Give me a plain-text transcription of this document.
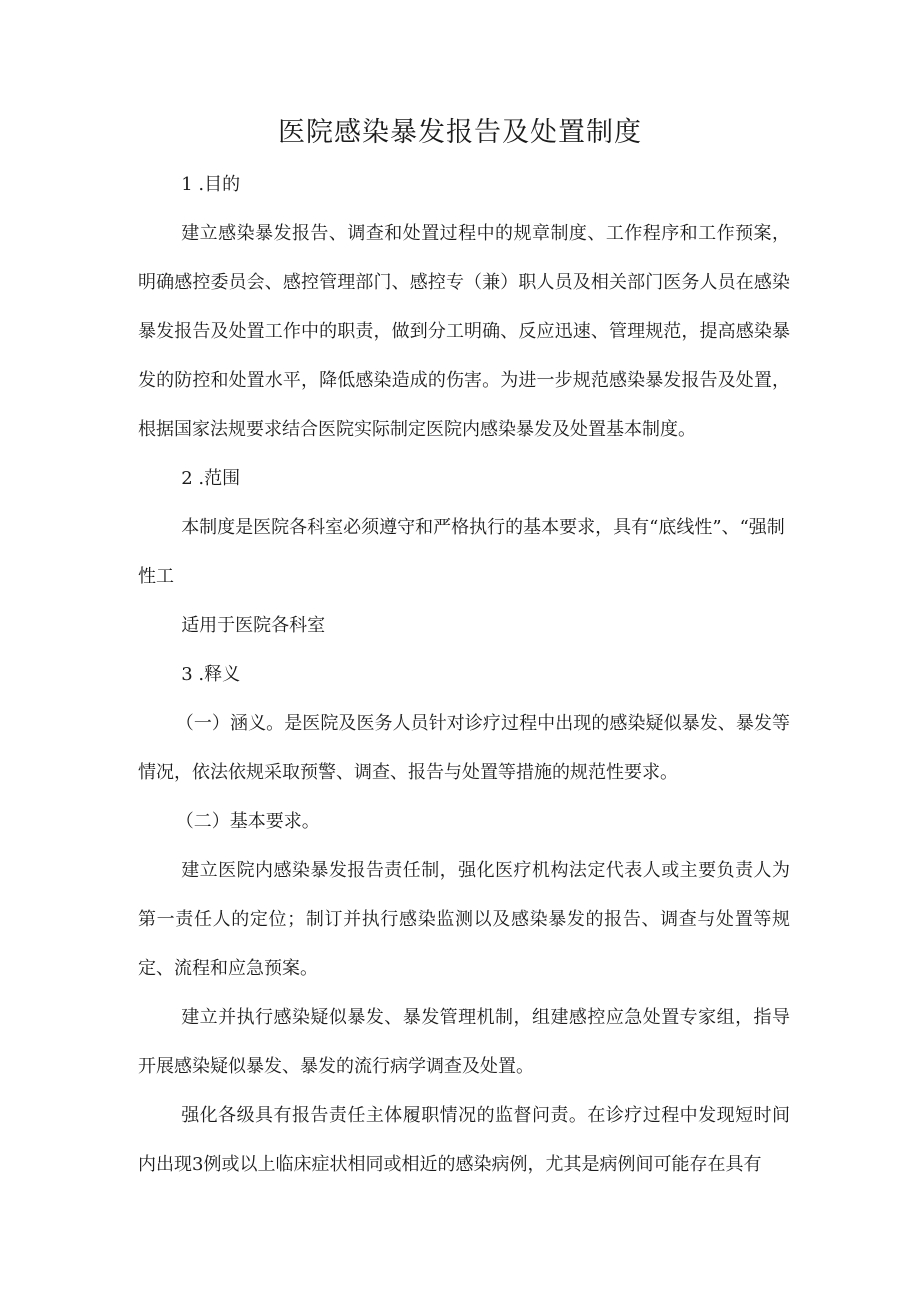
医院感染暴发报告及处置制度

1 .目的

建立感染暴发报告、调查和处置过程中的规章制度、工作程序和工作预案，明确感控委员会、感控管理部门、感控专（兼）职人员及相关部门医务人员在感染暴发报告及处置工作中的职责，做到分工明确、反应迅速、管理规范，提高感染暴发的防控和处置水平，降低感染造成的伤害。为进一步规范感染暴发报告及处置，根据国家法规要求结合医院实际制定医院内感染暴发及处置基本制度。

2 .范围

本制度是医院各科室必须遵守和严格执行的基本要求，具有“底线性”、“强制性工

适用于医院各科室

3 .释义

（一）涵义。是医院及医务人员针对诊疗过程中出现的感染疑似暴发、暴发等情况，依法依规采取预警、调查、报告与处置等措施的规范性要求。

（二）基本要求。

建立医院内感染暴发报告责任制，强化医疗机构法定代表人或主要负责人为第一责任人的定位；制订并执行感染监测以及感染暴发的报告、调查与处置等规定、流程和应急预案。

建立并执行感染疑似暴发、暴发管理机制，组建感控应急处置专家组，指导开展感染疑似暴发、暴发的流行病学调查及处置。

强化各级具有报告责任主体履职情况的监督问责。在诊疗过程中发现短时间内出现3例或以上临床症状相同或相近的感染病例，尤其是病例间可能存在具有
